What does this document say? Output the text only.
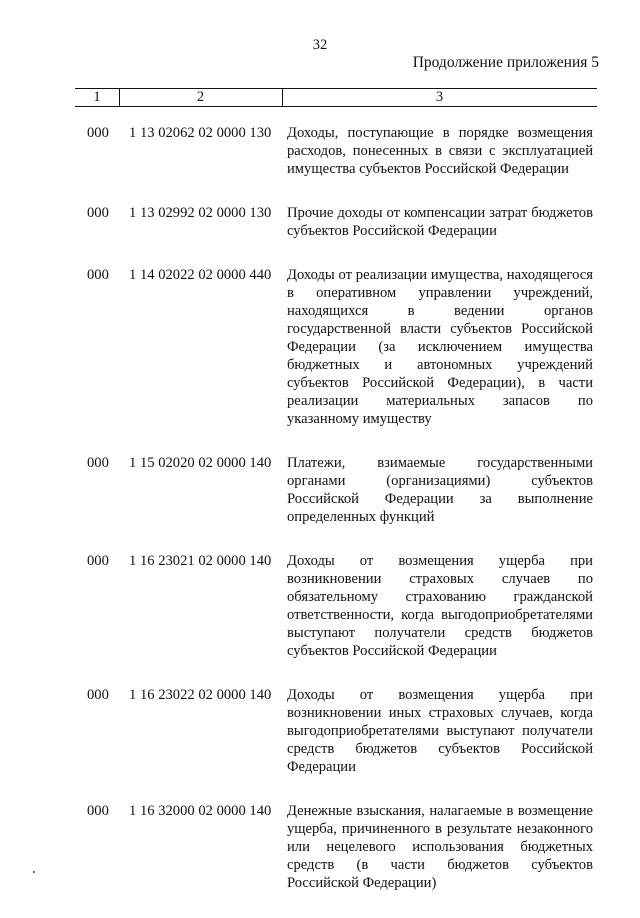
32
Продолжение приложения 5
1	2	3
000 1 13 02062 02 0000 130 Доходы, поступающие в порядке возмещения расходов, понесенных в связи с эксплуатацией имущества субъектов Российской Федерации
000 1 13 02992 02 0000 130 Прочие доходы от компенсации затрат бюджетов субъектов Российской Федерации
000 1 14 02022 02 0000 440 Доходы от реализации имущества, находящегося в оперативном управлении учреждений, находящихся в ведении органов государственной власти субъектов Российской Федерации (за исключением имущества бюджетных и автономных учреждений субъектов Российской Федерации), в части реализации материальных запасов по указанному имуществу
000 1 15 02020 02 0000 140 Платежи, взимаемые государственными органами (организациями) субъектов Российской Федерации за выполнение определенных функций
000 1 16 23021 02 0000 140 Доходы от возмещения ущерба при возникновении страховых случаев по обязательному страхованию гражданской ответственности, когда выгодоприобретателями выступают получатели средств бюджетов субъектов Российской Федерации
000 1 16 23022 02 0000 140 Доходы от возмещения ущерба при возникновении иных страховых случаев, когда выгодоприобретателями выступают получатели средств бюджетов субъектов Российской Федерации
000 1 16 32000 02 0000 140 Денежные взыскания, налагаемые в возмещение ущерба, причиненного в результате незаконного или нецелевого использования бюджетных средств (в части бюджетов субъектов Российской Федерации)
